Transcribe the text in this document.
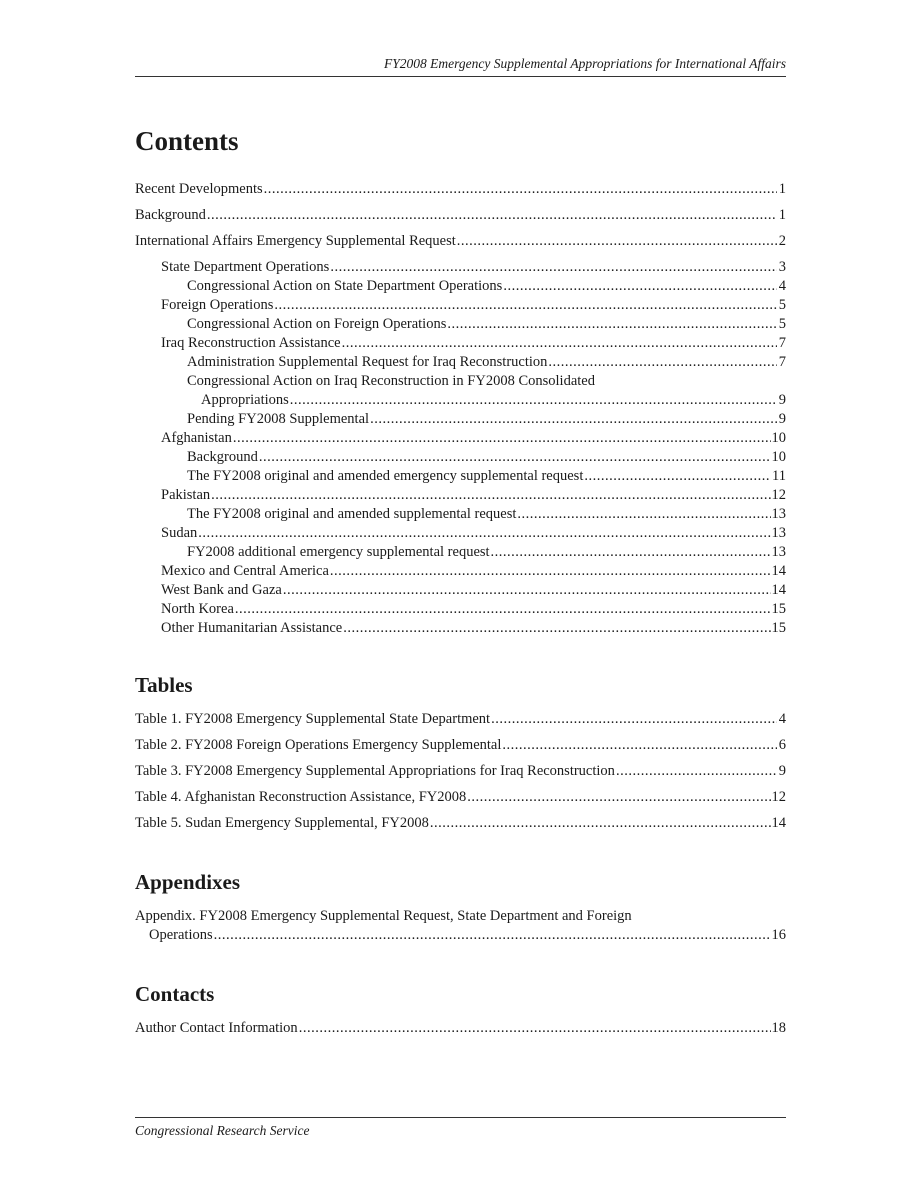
FY2008 Emergency Supplemental Appropriations for International Affairs
Contents
Recent Developments .....	1
Background .....	1
International Affairs Emergency Supplemental Request .....	2
State Department Operations .....	3
Congressional Action on State Department Operations .....	4
Foreign Operations .....	5
Congressional Action on Foreign Operations .....	5
Iraq Reconstruction Assistance .....	7
Administration Supplemental Request for Iraq Reconstruction .....	7
Congressional Action on Iraq Reconstruction in FY2008 Consolidated
Appropriations .....	9
Pending FY2008 Supplemental .....	9
Afghanistan .....	10
Background .....	10
The FY2008 original and amended emergency supplemental request .....	11
Pakistan .....	12
The FY2008 original and amended supplemental request .....	13
Sudan .....	13
FY2008 additional emergency supplemental request .....	13
Mexico and Central America .....	14
West Bank and Gaza .....	14
North Korea .....	15
Other Humanitarian Assistance .....	15
Tables
Table 1. FY2008 Emergency Supplemental State Department .....	4
Table 2. FY2008 Foreign Operations Emergency Supplemental .....	6
Table 3. FY2008 Emergency Supplemental Appropriations for Iraq Reconstruction .....	9
Table 4. Afghanistan Reconstruction Assistance, FY2008 .....	12
Table 5. Sudan Emergency Supplemental, FY2008 .....	14
Appendixes
Appendix. FY2008 Emergency Supplemental Request, State Department and Foreign
Operations .....	16
Contacts
Author Contact Information .....	18
Congressional Research Service
